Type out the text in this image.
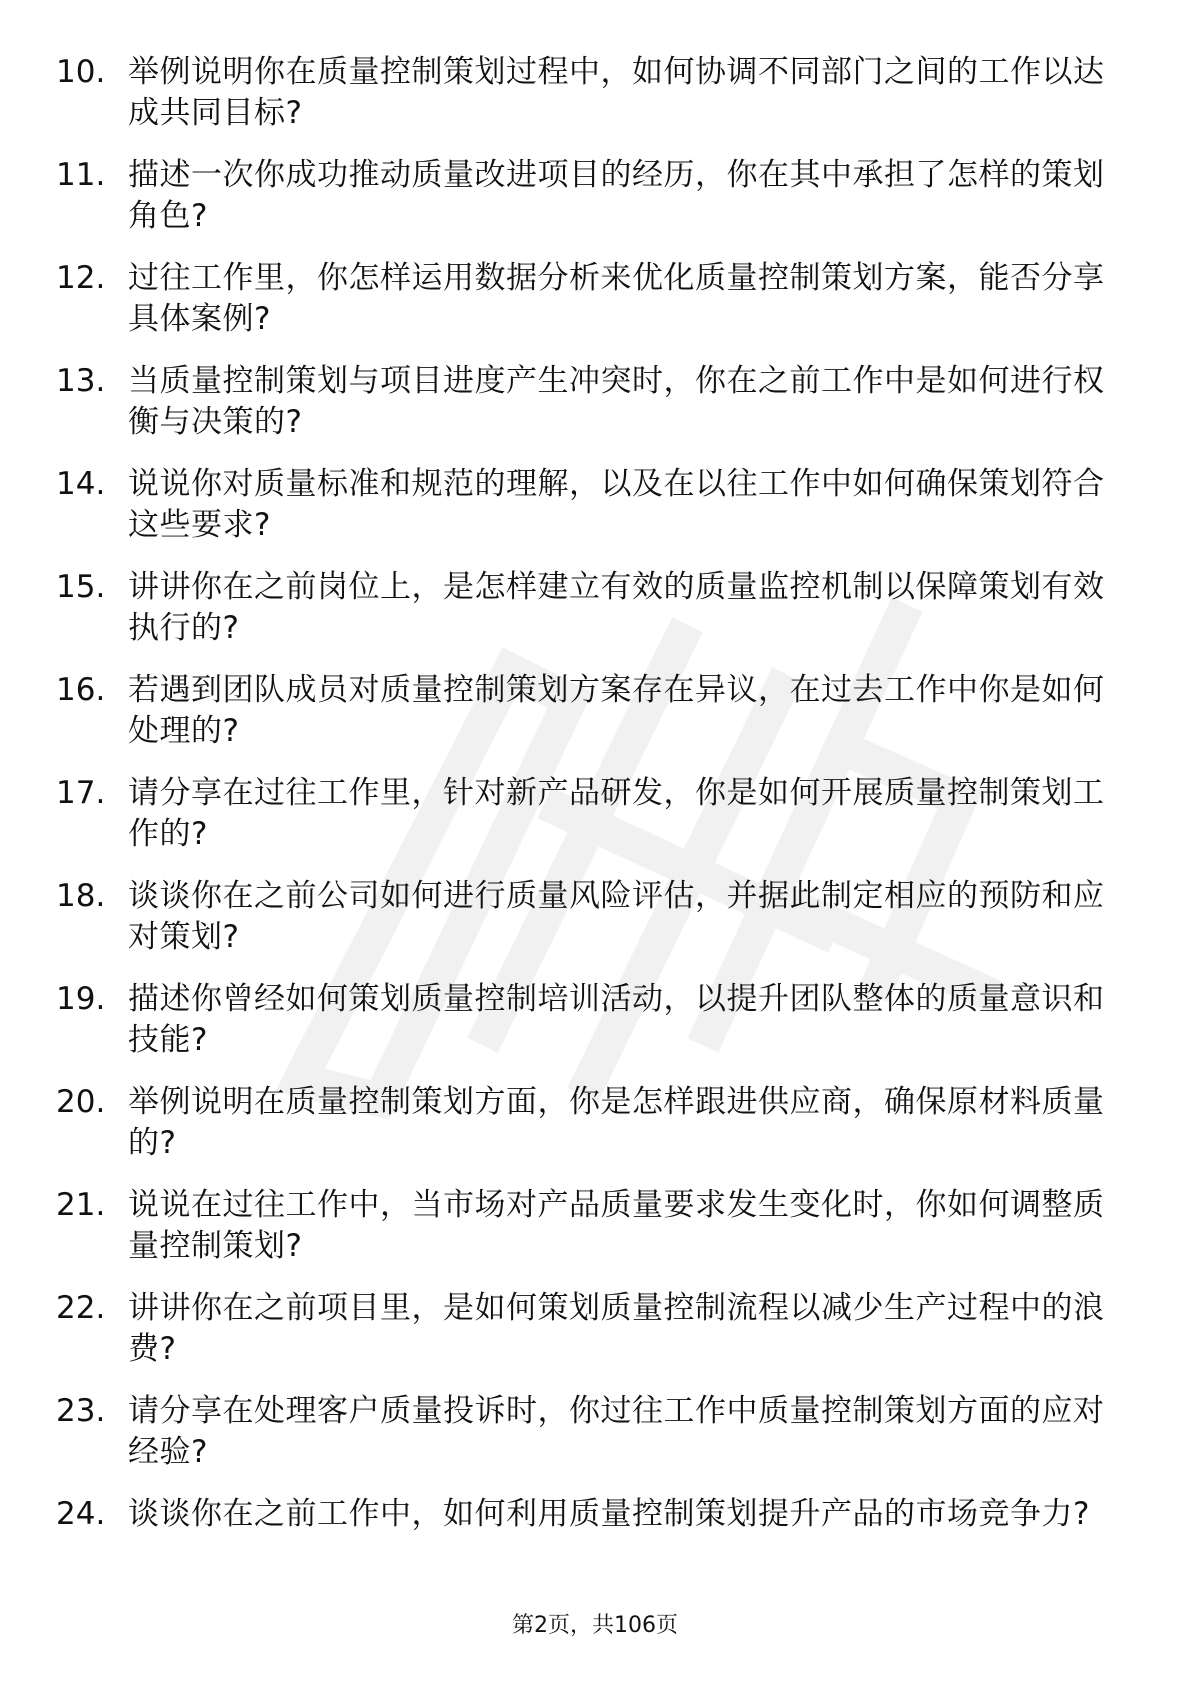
10. 举例说明你在质量控制策划过程中，如何协调不同部门之间的工作以达成共同目标?
11. 描述一次你成功推动质量改进项目的经历，你在其中承担了怎样的策划角色?
12. 过往工作里，你怎样运用数据分析来优化质量控制策划方案，能否分享具体案例?
13. 当质量控制策划与项目进度产生冲突时，你在之前工作中是如何进行权衡与决策的?
14. 说说你对质量标准和规范的理解，以及在以往工作中如何确保策划符合这些要求?
15. 讲讲你在之前岗位上，是怎样建立有效的质量监控机制以保障策划有效执行的?
16. 若遇到团队成员对质量控制策划方案存在异议，在过去工作中你是如何处理的?
17. 请分享在过往工作里，针对新产品研发，你是如何开展质量控制策划工作的?
18. 谈谈你在之前公司如何进行质量风险评估，并据此制定相应的预防和应对策划?
19. 描述你曾经如何策划质量控制培训活动，以提升团队整体的质量意识和技能?
20. 举例说明在质量控制策划方面，你是怎样跟进供应商，确保原材料质量的?
21. 说说在过往工作中，当市场对产品质量要求发生变化时，你如何调整质量控制策划?
22. 讲讲你在之前项目里，是如何策划质量控制流程以减少生产过程中的浪费?
23. 请分享在处理客户质量投诉时，你过往工作中质量控制策划方面的应对经验?
24. 谈谈你在之前工作中，如何利用质量控制策划提升产品的市场竞争力?
第2页，共106页
